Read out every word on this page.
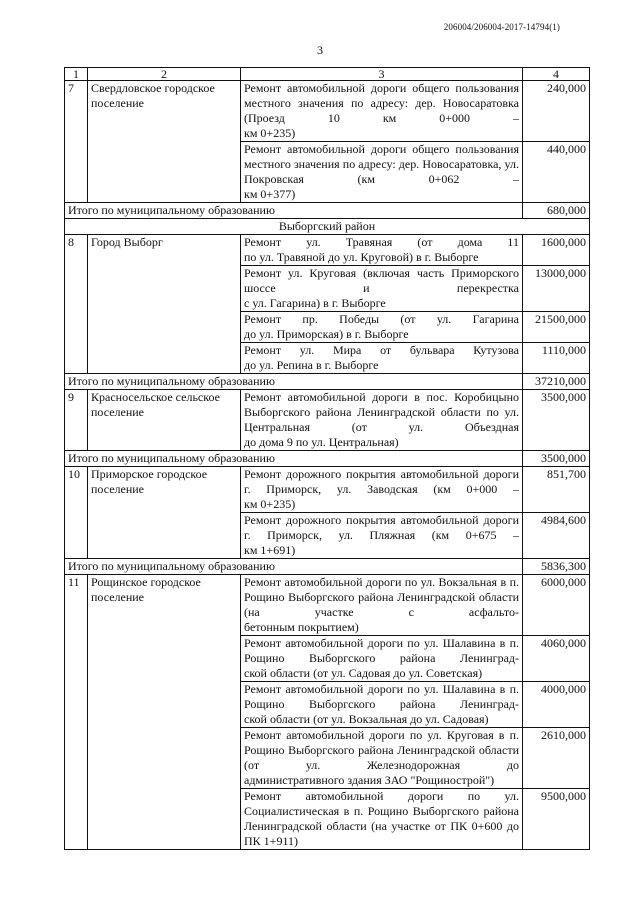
206004/206004-2017-14794(1)
3
1	2	3	4
7	Свердловское городское поселение	Ремонт автомобильной дороги общего пользования местного значения по адресу: дер. Новосаратовка (Проезд 10 км 0+000 –
км 0+235)	240,000
		Ремонт автомобильной дороги общего пользования местного значения по адресу: дер. Новосаратовка, ул. Покровская (км 0+062 –
км 0+377)	440,000
Итого по муниципальному образованию			680,000
Выборгский район			
8	Город Выборг	Ремонт ул. Травяная (от дома 11
по ул. Травяной до ул. Круговой) в г. Выборге	1600,000
		Ремонт ул. Круговая (включая часть Приморского шоссе и перекрестка
с ул. Гагарина) в г. Выборге	13000,000
		Ремонт пр. Победы (от ул. Гагарина
до ул. Приморская) в г. Выборге	21500,000
		Ремонт ул. Мира от бульвара Кутузова
до ул. Репина в г. Выборге	1110,000
Итого по муниципальному образованию			37210,000
9	Красносельское сельское поселение	Ремонт автомобильной дороги в пос. Коробицыно Выборгского района Ленинградской области по ул. Центральная (от ул. Объездная
до дома 9 по ул. Центральная)	3500,000
Итого по муниципальному образованию			3500,000
10	Приморское городское поселение	Ремонт дорожного покрытия автомобильной дороги г. Приморск, ул. Заводская (км 0+000 –
км 0+235)	851,700
		Ремонт дорожного покрытия автомобильной дороги г. Приморск, ул. Пляжная (км 0+675 –
км 1+691)	4984,600
Итого по муниципальному образованию			5836,300
11	Рощинское городское поселение	Ремонт автомобильной дороги по ул. Вокзальная в п. Рощино Выборгского района Ленинградской области (на участке с асфальто-
бетонным покрытием)	6000,000
		Ремонт автомобильной дороги по ул. Шалавина в п. Рощино Выборгского района Ленинград-
ской области (от ул. Садовая до ул. Советская)	4060,000
		Ремонт автомобильной дороги по ул. Шалавина в п. Рощино Выборгского района Ленинград-
ской области (от ул. Вокзальная до ул. Садовая)	4000,000
		Ремонт автомобильной дороги по ул. Круговая в п. Рощино Выборгского района Ленинградской области (от ул. Железнодорожная до
административного здания ЗАО "Рощинострой")	2610,000
		Ремонт автомобильной дороги по ул. Социалистическая в п. Рощино Выборгского района
Ленинградской области (на участке от ПК 0+600 до ПК 1+911)	9500,000
